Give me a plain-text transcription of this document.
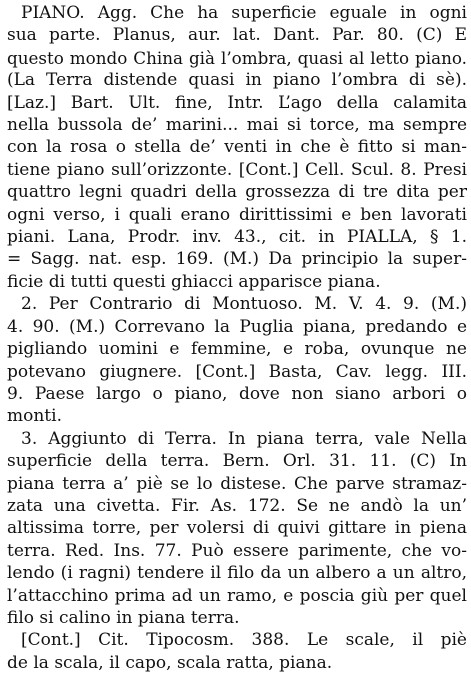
PIANO. Agg. Che ha superficie eguale in ogni
sua parte. Planus, aur. lat. Dant. Par. 80. (C) E
questo mondo China già l’ombra, quasi al letto piano.
(La Terra distende quasi in piano l’ombra di sè).
[Laz.] Bart. Ult. fine, Intr. L’ago della calamita
nella bussola de’ marini... mai si torce, ma sempre
con la rosa o stella de’ venti in che è fitto si man-
tiene piano sull’orizzonte. [Cont.] Cell. Scul. 8. Presi
quattro legni quadri della grossezza di tre dita per
ogni verso, i quali erano dirittissimi e ben lavorati
piani. Lana, Prodr. inv. 43., cit. in PIALLA, § 1.
= Sagg. nat. esp. 169. (M.) Da principio la super-
ficie di tutti questi ghiacci apparisce piana.
2. Per Contrario di Montuoso. M. V. 4. 9. (M.)
4. 90. (M.) Correvano la Puglia piana, predando e
pigliando uomini e femmine, e roba, ovunque ne
potevano giugnere. [Cont.] Basta, Cav. legg. III.
9. Paese largo o piano, dove non siano arbori o
monti.
3. Aggiunto di Terra. In piana terra, vale Nella
superficie della terra. Bern. Orl. 31. 11. (C) In
piana terra a’ piè se lo distese. Che parve stramaz-
zata una civetta. Fir. As. 172. Se ne andò la un’
altissima torre, per volersi di quivi gittare in piena
terra. Red. Ins. 77. Può essere parimente, che vo-
lendo (i ragni) tendere il filo da un albero a un altro,
l’attacchino prima ad un ramo, e poscia giù per quel
filo si calino in piana terra.
[Cont.] Cit. Tipocosm. 388. Le scale, il piè
de la scala, il capo, scala ratta, piana.
